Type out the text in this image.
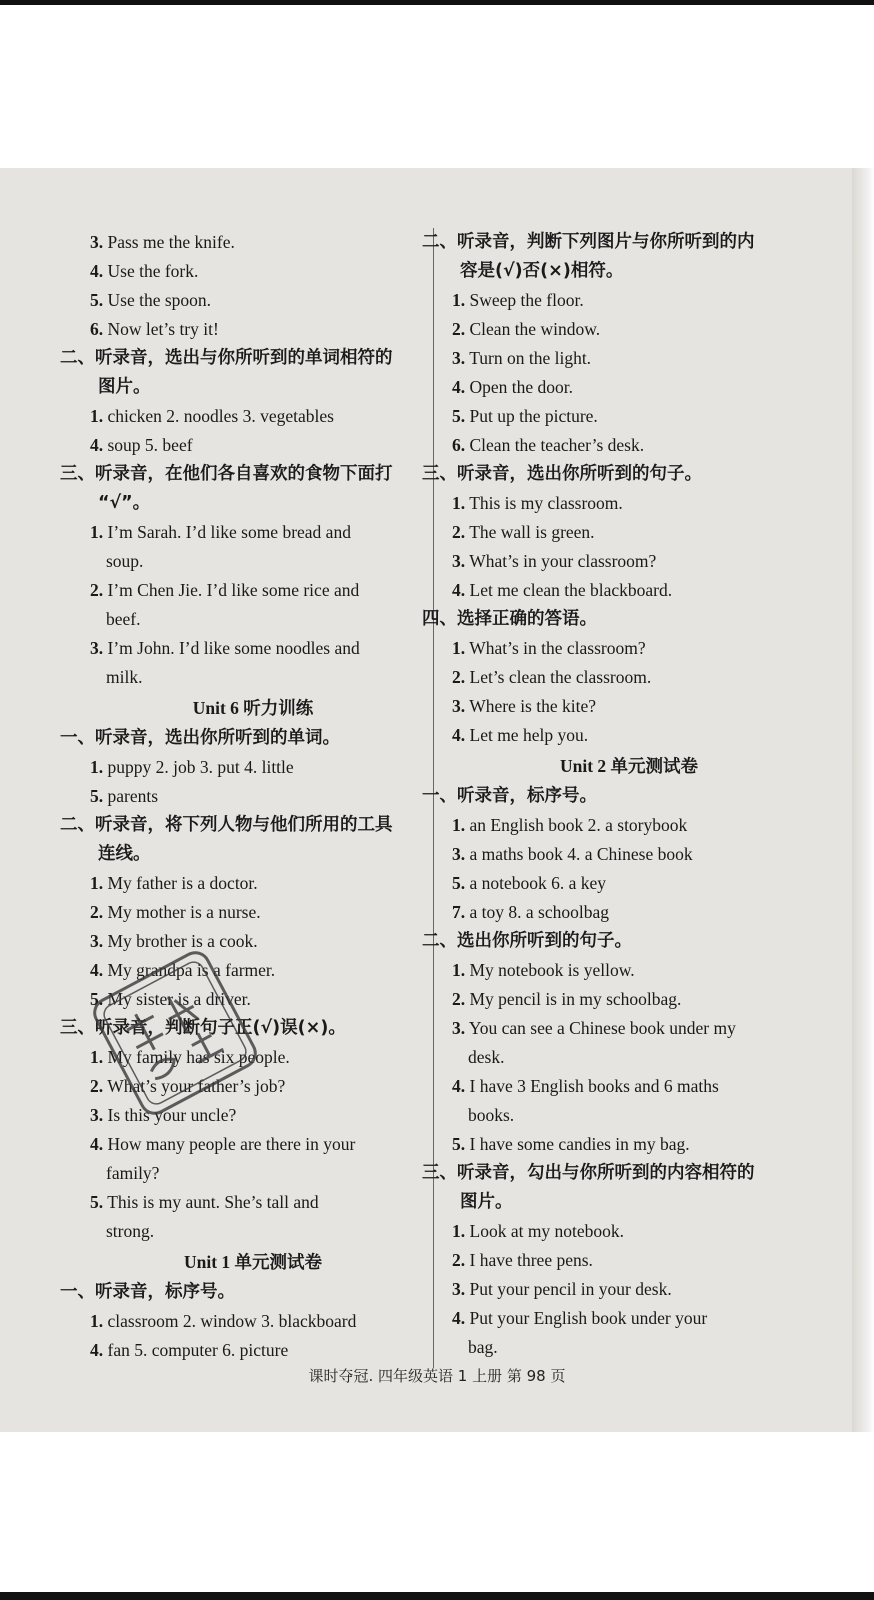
3. Pass me the knife.
4. Use the fork.
5. Use the spoon.
6. Now let’s try it!
二、听录音，选出与你所听到的单词相符的
图片。
1. chicken 2. noodles 3. vegetables
4. soup 5. beef
三、听录音，在他们各自喜欢的食物下面打
“√”。
1. I’m Sarah. I’d like some bread and
soup.
2. I’m Chen Jie. I’d like some rice and
beef.
3. I’m John. I’d like some noodles and
milk.
Unit 6 听力训练
一、听录音，选出你所听到的单词。
1. puppy 2. job 3. put 4. little
5. parents
二、听录音，将下列人物与他们所用的工具
连线。
1. My father is a doctor.
2. My mother is a nurse.
3. My brother is a cook.
4. My grandpa is a farmer.
5. My sister is a driver.
三、听录音，判断句子正(√)误(×)。
1. My family has six people.
2. What’s your father’s job?
3. Is this your uncle?
4. How many people are there in your
family?
5. This is my aunt. She’s tall and
strong.
Unit 1 单元测试卷
一、听录音，标序号。
1. classroom 2. window 3. blackboard
4. fan 5. computer 6. picture
二、听录音，判断下列图片与你所听到的内
容是(√)否(×)相符。
1. Sweep the floor.
2. Clean the window.
3. Turn on the light.
4. Open the door.
5. Put up the picture.
6. Clean the teacher’s desk.
三、听录音，选出你所听到的句子。
1. This is my classroom.
2. The wall is green.
3. What’s in your classroom?
4. Let me clean the blackboard.
四、选择正确的答语。
1. What’s in the classroom?
2. Let’s clean the classroom.
3. Where is the kite?
4. Let me help you.
Unit 2 单元测试卷
一、听录音，标序号。
1. an English book 2. a storybook
3. a maths book 4. a Chinese book
5. a notebook 6. a key
7. a toy 8. a schoolbag
二、选出你所听到的句子。
1. My notebook is yellow.
2. My pencil is in my schoolbag.
3. You can see a Chinese book under my
desk.
4. I have 3 English books and 6 maths
books.
5. I have some candies in my bag.
三、听录音，勾出与你所听到的内容相符的
图片。
1. Look at my notebook.
2. I have three pens.
3. Put your pencil in your desk.
4. Put your English book under your
bag.
课时夺冠. 四年级英语 1 上册 第 98 页
